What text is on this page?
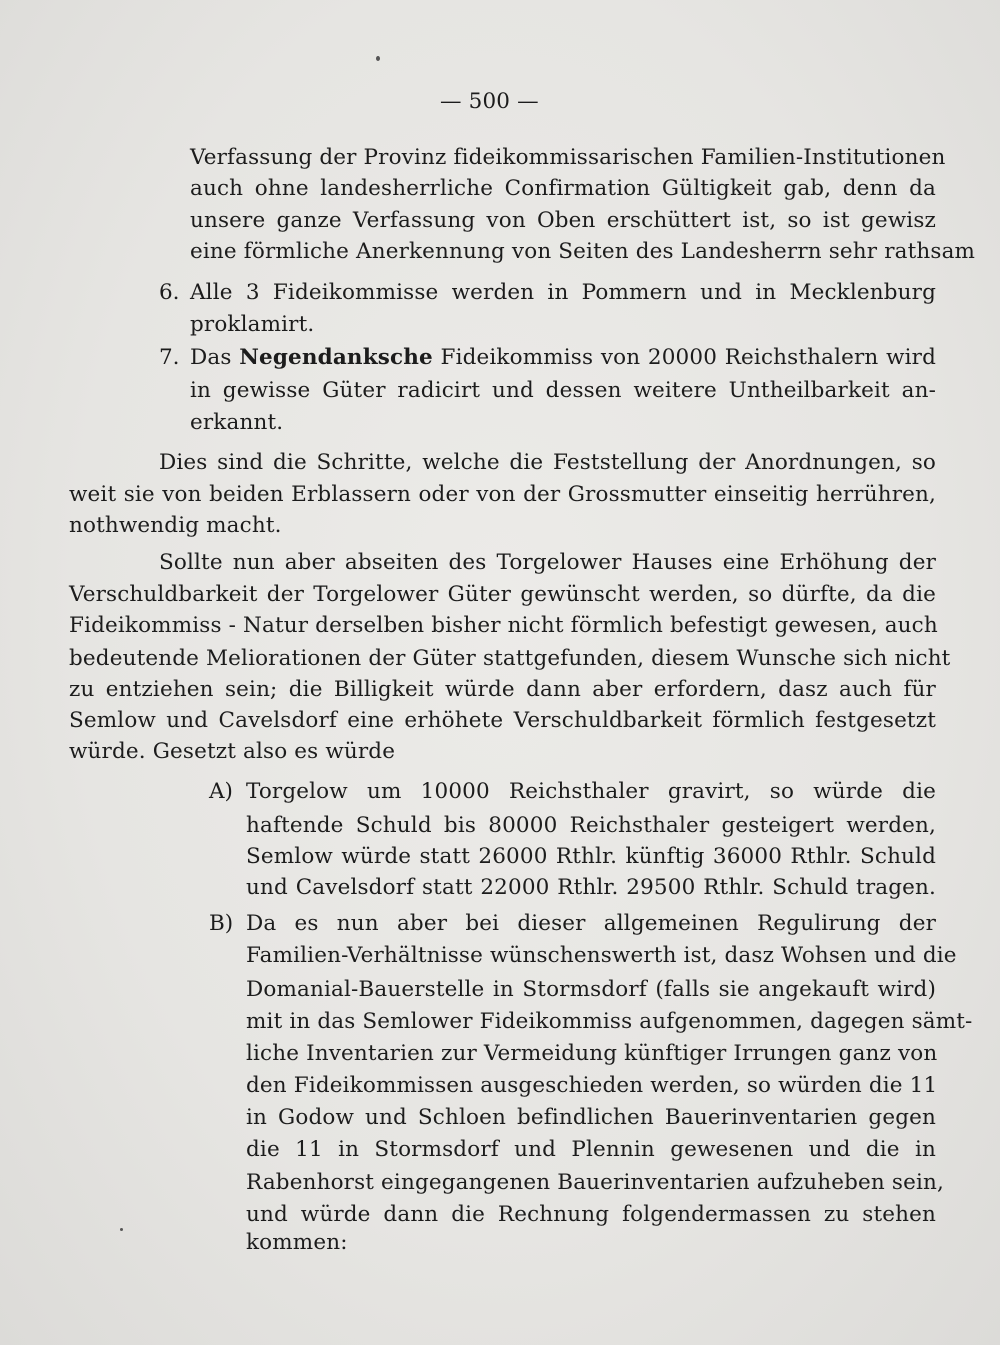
— 500 —
Verfassung der Provinz fideikommissarischen Familien-Institutionen
auch ohne landesherrliche Confirmation Gültigkeit gab, denn da
unsere ganze Verfassung von Oben erschüttert ist, so ist gewisz
eine förmliche Anerkennung von Seiten des Landesherrn sehr rathsam
6. Alle 3 Fideikommisse werden in Pommern und in Mecklenburg
proklamirt.
7. Das Negendanksche Fideikommiss von 20000 Reichsthalern wird
in gewisse Güter radicirt und dessen weitere Untheilbarkeit an-
erkannt.
Dies sind die Schritte, welche die Feststellung der Anordnungen, so
weit sie von beiden Erblassern oder von der Grossmutter einseitig herrühren,
nothwendig macht.
Sollte nun aber abseiten des Torgelower Hauses eine Erhöhung der
Verschuldbarkeit der Torgelower Güter gewünscht werden, so dürfte, da die
Fideikommiss - Natur derselben bisher nicht förmlich befestigt gewesen, auch
bedeutende Meliorationen der Güter stattgefunden, diesem Wunsche sich nicht
zu entziehen sein; die Billigkeit würde dann aber erfordern, dasz auch für
Semlow und Cavelsdorf eine erhöhete Verschuldbarkeit förmlich festgesetzt
würde. Gesetzt also es würde
A) Torgelow um 10000 Reichsthaler gravirt, so würde die
haftende Schuld bis 80000 Reichsthaler gesteigert werden,
Semlow würde statt 26000 Rthlr. künftig 36000 Rthlr. Schuld
und Cavelsdorf statt 22000 Rthlr. 29500 Rthlr. Schuld tragen.
B) Da es nun aber bei dieser allgemeinen Regulirung der
Familien-Verhältnisse wünschenswerth ist, dasz Wohsen und die
Domanial-Bauerstelle in Stormsdorf (falls sie angekauft wird)
mit in das Semlower Fideikommiss aufgenommen, dagegen sämt-
liche Inventarien zur Vermeidung künftiger Irrungen ganz von
den Fideikommissen ausgeschieden werden, so würden die 11
in Godow und Schloen befindlichen Bauerinventarien gegen
die 11 in Stormsdorf und Plennin gewesenen und die in
Rabenhorst eingegangenen Bauerinventarien aufzuheben sein,
und würde dann die Rechnung folgendermassen zu stehen
kommen:
